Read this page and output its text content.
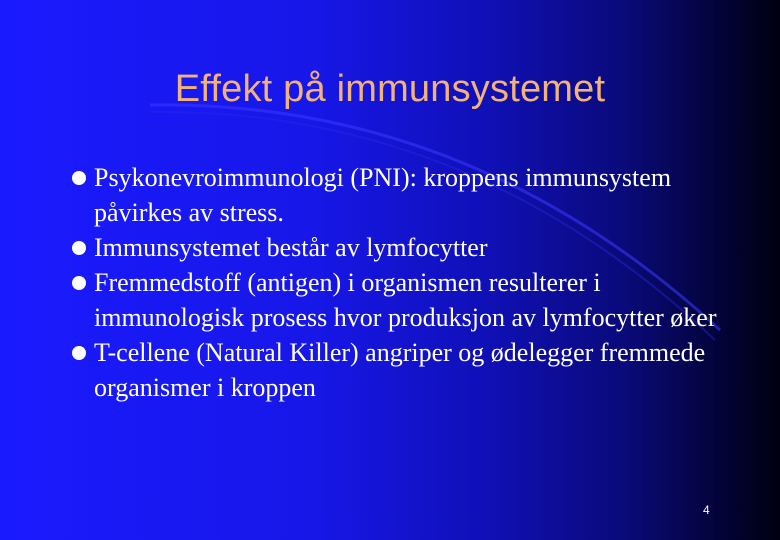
Effekt på immunsystemet
Psykonevroimmunologi (PNI): kroppens immunsystem påvirkes av stress.
Immunsystemet består av lymfocytter
Fremmedstoff (antigen) i organismen resulterer i immunologisk prosess hvor produksjon av lymfocytter øker
T-cellene (Natural Killer) angriper og ødelegger fremmede organismer i kroppen
4
